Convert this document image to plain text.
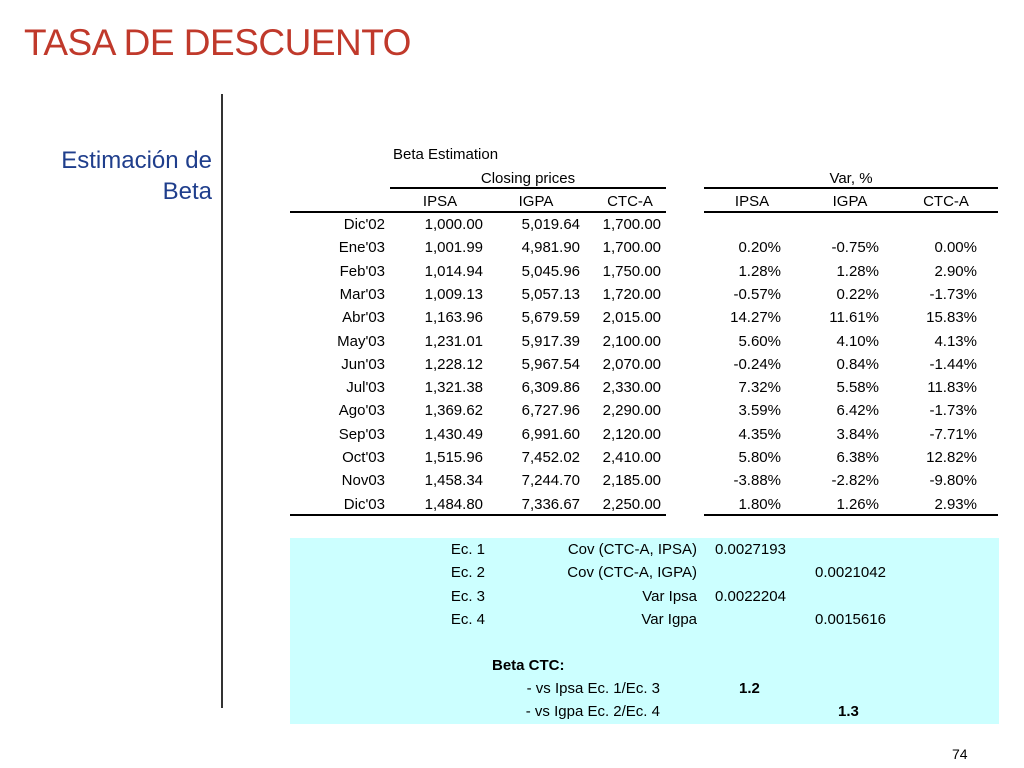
TASA DE DESCUENTO
Estimación de
Beta
Beta Estimation
Closing prices	Var, %
IPSA	IGPA	CTC-A	IPSA	IGPA	CTC-A
Dic'02	1,000.00	5,019.64	1,700.00
Ene'03	1,001.99	4,981.90	1,700.00	0.20%	-0.75%	0.00%
Feb'03	1,014.94	5,045.96	1,750.00	1.28%	1.28%	2.90%
Mar'03	1,009.13	5,057.13	1,720.00	-0.57%	0.22%	-1.73%
Abr'03	1,163.96	5,679.59	2,015.00	14.27%	11.61%	15.83%
May'03	1,231.01	5,917.39	2,100.00	5.60%	4.10%	4.13%
Jun'03	1,228.12	5,967.54	2,070.00	-0.24%	0.84%	-1.44%
Jul'03	1,321.38	6,309.86	2,330.00	7.32%	5.58%	11.83%
Ago'03	1,369.62	6,727.96	2,290.00	3.59%	6.42%	-1.73%
Sep'03	1,430.49	6,991.60	2,120.00	4.35%	3.84%	-7.71%
Oct'03	1,515.96	7,452.02	2,410.00	5.80%	6.38%	12.82%
Nov03	1,458.34	7,244.70	2,185.00	-3.88%	-2.82%	-9.80%
Dic'03	1,484.80	7,336.67	2,250.00	1.80%	1.26%	2.93%
Ec. 1	Cov (CTC-A, IPSA) 0.0027193
Ec. 2	Cov (CTC-A, IGPA)	0.0021042
Ec. 3	Var Ipsa 0.0022204
Ec. 4	Var Igpa	0.0015616
Beta CTC:
- vs Ipsa Ec. 1/Ec. 3	1.2
- vs Igpa Ec. 2/Ec. 4	1.3
74
